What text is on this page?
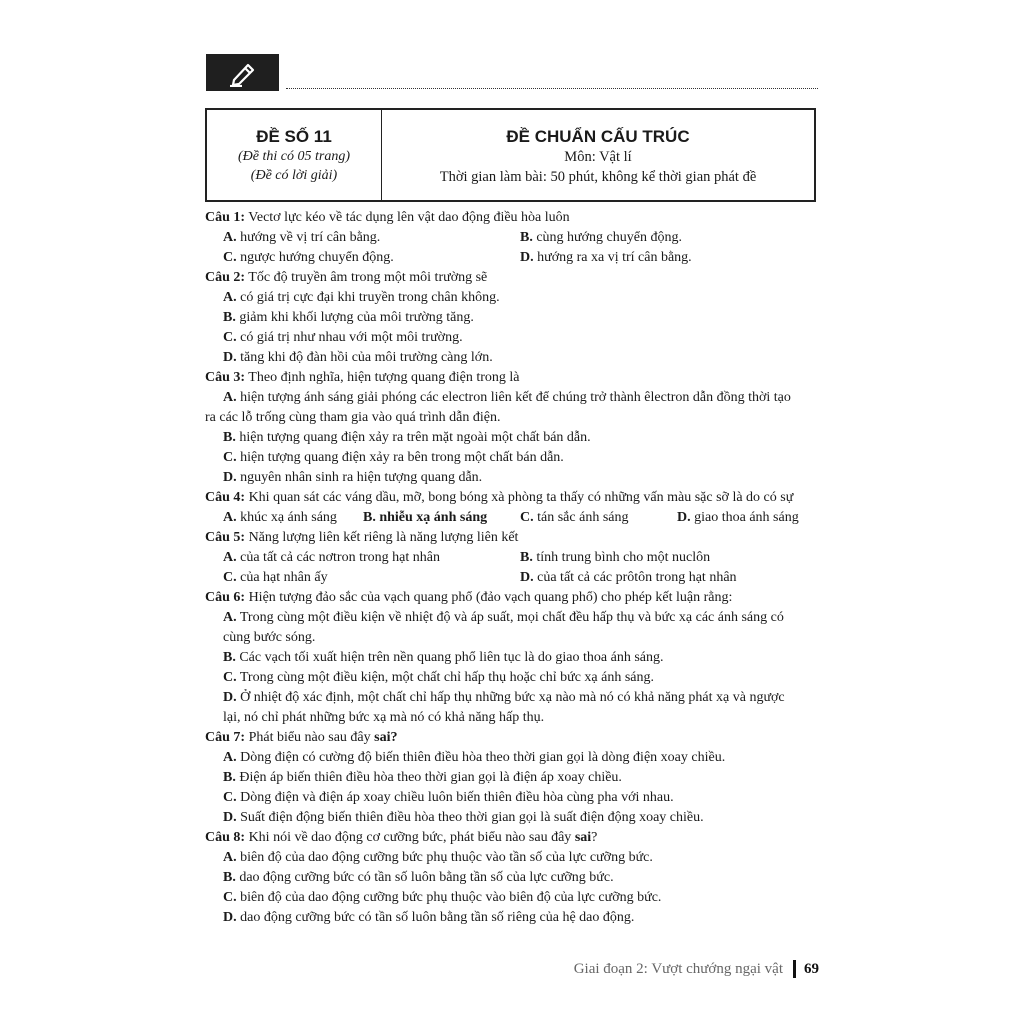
ĐỀ SỐ 11
(Đề thi có 05 trang)
(Đề có lời giải)
ĐỀ CHUẨN CẤU TRÚC
Môn: Vật lí
Thời gian làm bài: 50 phút, không kể thời gian phát đề
Câu 1: Vectơ lực kéo về tác dụng lên vật dao động điều hòa luôn
A. hướng về vị trí cân bằng.	B. cùng hướng chuyển động.
C. ngược hướng chuyển động.	D. hướng ra xa vị trí cân bằng.
Câu 2: Tốc độ truyền âm trong một môi trường sẽ
A. có giá trị cực đại khi truyền trong chân không.
B. giảm khi khối lượng của môi trường tăng.
C. có giá trị như nhau với một môi trường.
D. tăng khi độ đàn hồi của môi trường càng lớn.
Câu 3: Theo định nghĩa, hiện tượng quang điện trong là
A. hiện tượng ánh sáng giải phóng các electron liên kết để chúng trở thành êlectron dẫn đồng thời tạo
ra các lỗ trống cùng tham gia vào quá trình dẫn điện.
B. hiện tượng quang điện xảy ra trên mặt ngoài một chất bán dẫn.
C. hiện tượng quang điện xảy ra bên trong một chất bán dẫn.
D. nguyên nhân sinh ra hiện tượng quang dẫn.
Câu 4: Khi quan sát các váng dầu, mỡ, bong bóng xà phòng ta thấy có những vấn màu sặc sỡ là do có sự
A. khúc xạ ánh sáng	B. nhiễu xạ ánh sáng	C. tán sắc ánh sáng	D. giao thoa ánh sáng
Câu 5: Năng lượng liên kết riêng là năng lượng liên kết
A. của tất cả các nơtron trong hạt nhân	B. tính trung bình cho một nuclôn
C. của hạt nhân ấy	D. của tất cả các prôtôn trong hạt nhân
Câu 6: Hiện tượng đảo sắc của vạch quang phổ (đảo vạch quang phổ) cho phép kết luận rằng:
A. Trong cùng một điều kiện về nhiệt độ và áp suất, mọi chất đều hấp thụ và bức xạ các ánh sáng có
cùng bước sóng.
B. Các vạch tối xuất hiện trên nền quang phổ liên tục là do giao thoa ánh sáng.
C. Trong cùng một điều kiện, một chất chỉ hấp thụ hoặc chỉ bức xạ ánh sáng.
D. Ở nhiệt độ xác định, một chất chỉ hấp thụ những bức xạ nào mà nó có khả năng phát xạ và ngược
lại, nó chỉ phát những bức xạ mà nó có khả năng hấp thụ.
Câu 7: Phát biểu nào sau đây sai?
A. Dòng điện có cường độ biến thiên điều hòa theo thời gian gọi là dòng điện xoay chiều.
B. Điện áp biến thiên điều hòa theo thời gian gọi là điện áp xoay chiều.
C. Dòng điện và điện áp xoay chiều luôn biến thiên điều hòa cùng pha với nhau.
D. Suất điện động biến thiên điều hòa theo thời gian gọi là suất điện động xoay chiều.
Câu 8: Khi nói về dao động cơ cưỡng bức, phát biểu nào sau đây sai?
A. biên độ của dao động cưỡng bức phụ thuộc vào tần số của lực cưỡng bức.
B. dao động cưỡng bức có tần số luôn bằng tần số của lực cưỡng bức.
C. biên độ của dao động cưỡng bức phụ thuộc vào biên độ của lực cưỡng bức.
D. dao động cưỡng bức có tần số luôn bằng tần số riêng của hệ dao động.
Giai đoạn 2: Vượt chướng ngại vật 69
